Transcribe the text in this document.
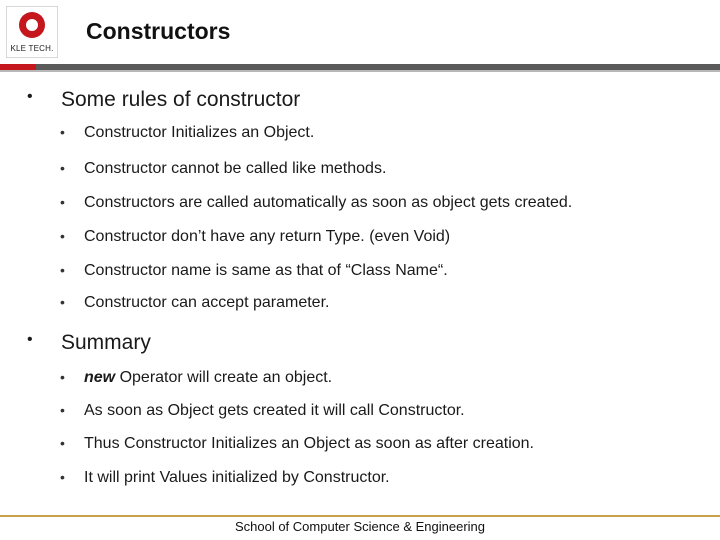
KLE TECH.
Constructors
• Some rules of constructor
• Constructor Initializes an Object.
• Constructor cannot be called like methods.
• Constructors are called automatically as soon as object gets created.
• Constructor don’t have any return Type. (even Void)
• Constructor name is same as that of “Class Name“.
• Constructor can accept parameter.
• Summary
• new Operator will create an object.
• As soon as Object gets created it will call Constructor.
• Thus Constructor Initializes an Object as soon as after creation.
• It will print Values initialized by Constructor.
School of Computer Science & Engineering
